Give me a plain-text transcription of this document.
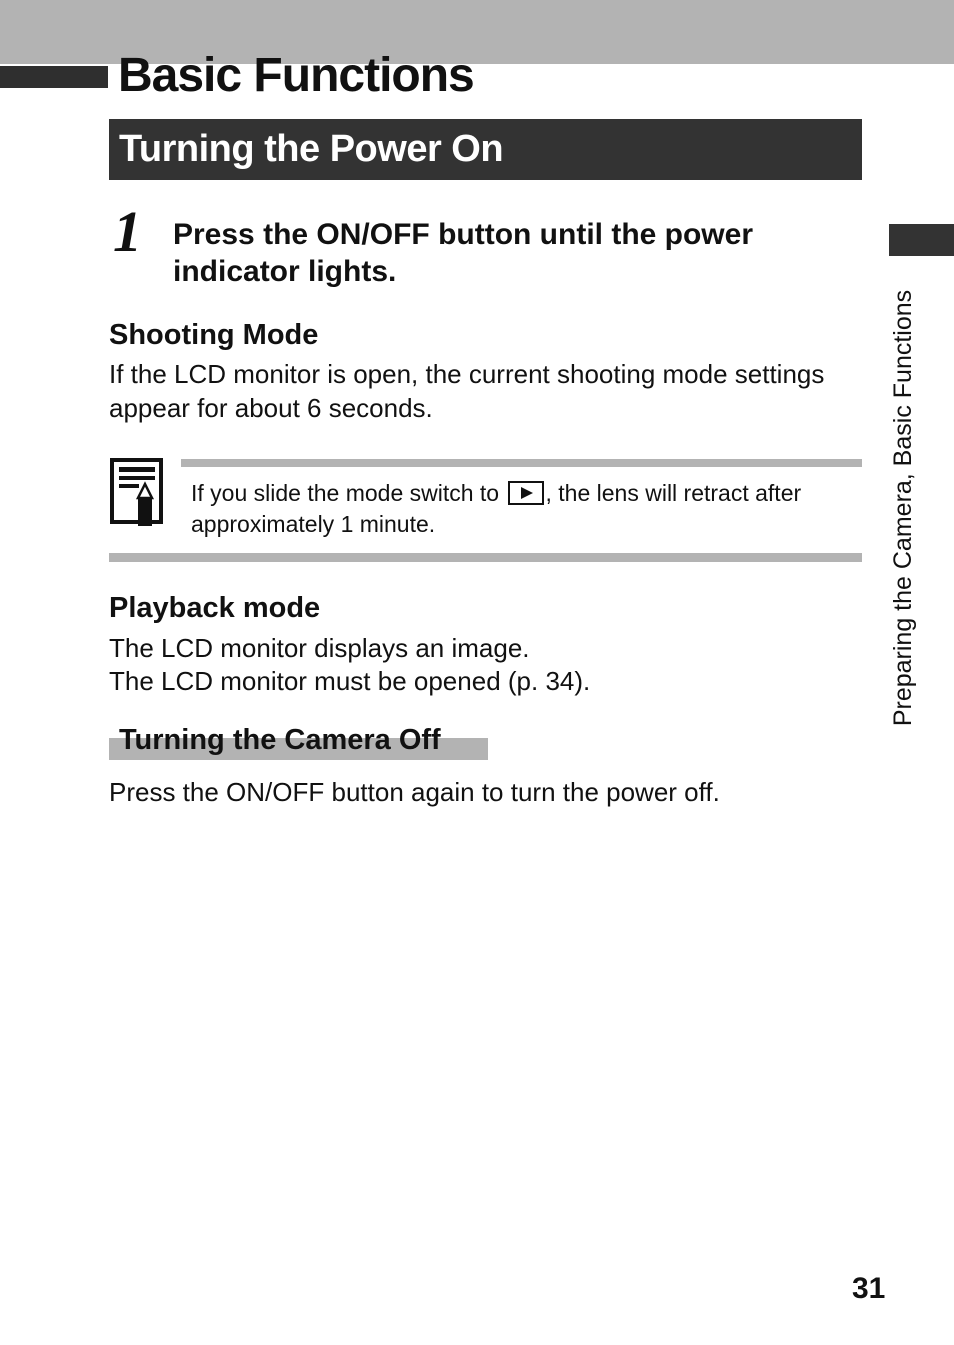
Basic Functions
Turning the Power On
1 Press the ON/OFF button until the power indicator lights.

Shooting Mode

If the LCD monitor is open, the current shooting mode settings appear for about 6 seconds.

If you slide the mode switch to , the lens will retract after approximately 1 minute.

Playback mode

The LCD monitor displays an image.

The LCD monitor must be opened (p. 34).

Turning the Camera Off

Press the ON/OFF button again to turn the power off.

Preparing the Camera, Basic Functions

31
